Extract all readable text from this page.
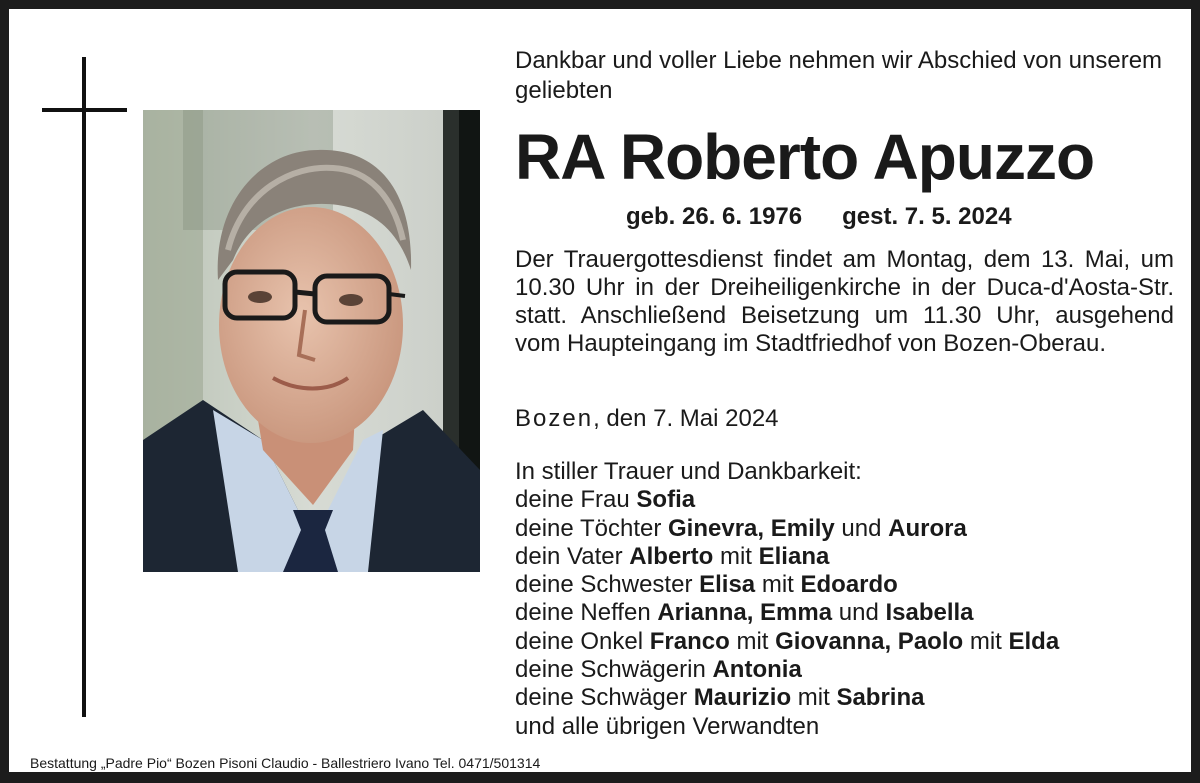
Dankbar und voller Liebe nehmen wir Abschied von unserem geliebten
RA Roberto Apuzzo
geb. 26. 6. 1976 gest. 7. 5. 2024
Der Trauergottesdienst findet am Montag, dem 13. Mai, um 10.30 Uhr in der Dreiheiligenkirche in der Duca-d'Aosta-Str. statt. Anschließend Beisetzung um 11.30 Uhr, ausgehend vom Haupteingang im Stadtfriedhof von Bozen-Oberau.
Bozen, den 7. Mai 2024
In stiller Trauer und Dankbarkeit:
deine Frau Sofia
deine Töchter Ginevra, Emily und Aurora
dein Vater Alberto mit Eliana
deine Schwester Elisa mit Edoardo
deine Neffen Arianna, Emma und Isabella
deine Onkel Franco mit Giovanna, Paolo mit Elda
deine Schwägerin Antonia
deine Schwäger Maurizio mit Sabrina
und alle übrigen Verwandten
Bestattung „Padre Pio“ Bozen Pisoni Claudio - Ballestriero Ivano Tel. 0471/501314
